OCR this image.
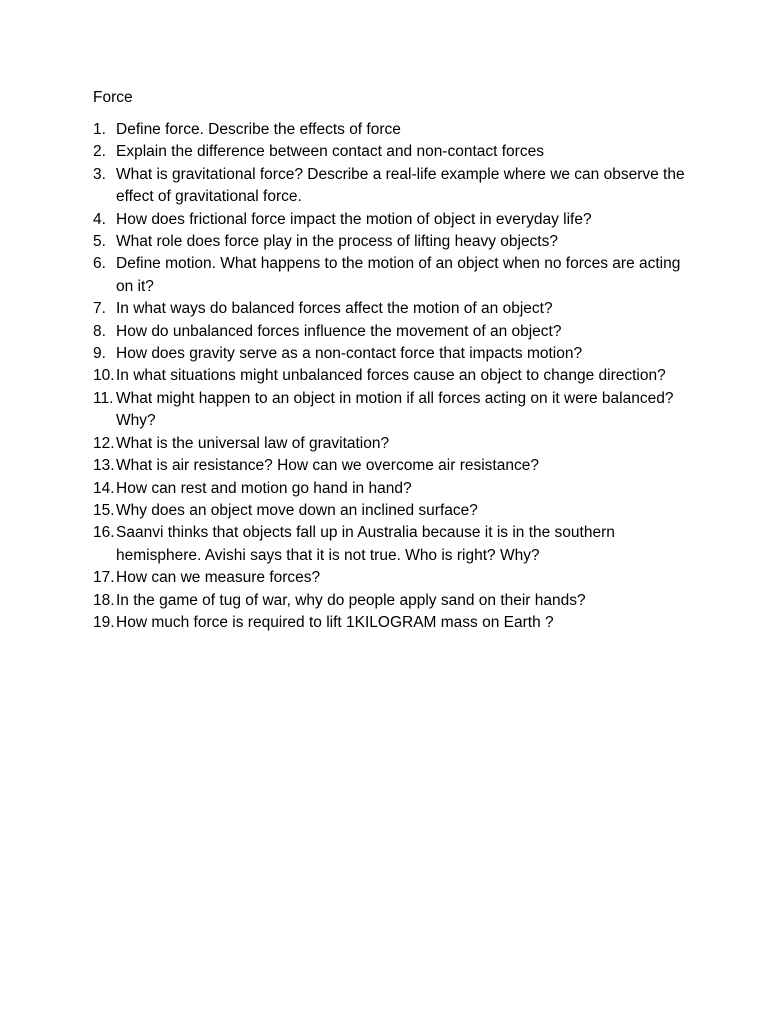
Force
1. Define force. Describe the effects of force
2. Explain the difference between contact and non-contact forces
3. What is gravitational force? Describe a real-life example where we can observe the effect of gravitational force.
4. How does frictional force impact the motion of object in everyday life?
5. What role does force play in the process of lifting heavy objects?
6. Define motion. What happens to the motion of an object when no forces are acting on it?
7. In what ways do balanced forces affect the motion of an object?
8. How do unbalanced forces influence the movement of an object?
9. How does gravity serve as a non-contact force that impacts motion?
10. In what situations might unbalanced forces cause an object to change direction?
11. What might happen to an object in motion if all forces acting on it were balanced? Why?
12. What is the universal law of gravitation?
13. What is air resistance? How can we overcome air resistance?
14. How can rest and motion go hand in hand?
15. Why does an object move down an inclined surface?
16. Saanvi thinks that objects fall up in Australia because it is in the southern hemisphere. Avishi says that it is not true. Who is right? Why?
17. How can we measure forces?
18. In the game of tug of war, why do people apply sand on their hands?
19. How much force is required to lift 1KILOGRAM mass on Earth ?
